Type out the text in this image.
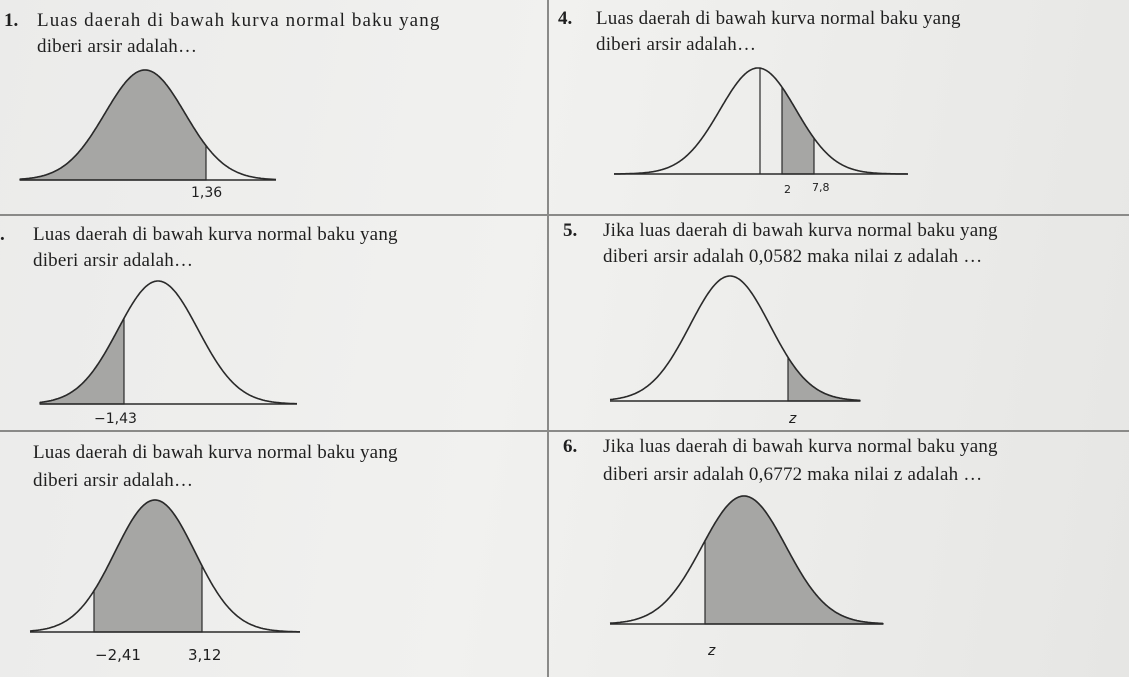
1. Luas daerah di bawah kurva normal baku yang
diberi arsir adalah…
1,36
. Luas daerah di bawah kurva normal baku yang
diberi arsir adalah…
−1,43
Luas daerah di bawah kurva normal baku yang
diberi arsir adalah…
−2,41	3,12
4. Luas daerah di bawah kurva normal baku yang
diberi arsir adalah…
2 7,8
5. Jika luas daerah di bawah kurva normal baku yang
diberi arsir adalah 0,0582 maka nilai z adalah …
z
6. Jika luas daerah di bawah kurva normal baku yang
diberi arsir adalah 0,6772 maka nilai z adalah …
z
